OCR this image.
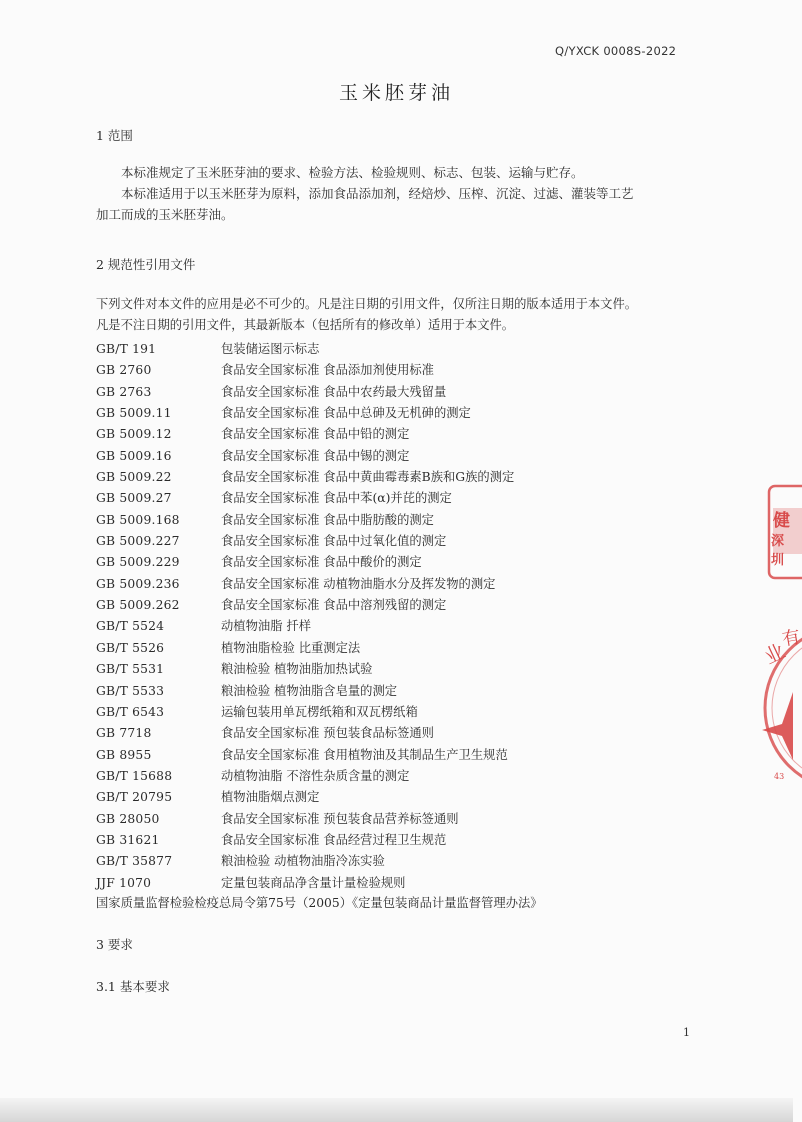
Q/YXCK 0008S-2022
玉米胚芽油
1 范围

本标准规定了玉米胚芽油的要求、检验方法、检验规则、标志、包装、运输与贮存。

本标准适用于以玉米胚芽为原料，添加食品添加剂，经焙炒、压榨、沉淀、过滤、灌装等工艺

加工而成的玉米胚芽油。

2 规范性引用文件

下列文件对本文件的应用是必不可少的。凡是注日期的引用文件，仅所注日期的版本适用于本文件。

凡是不注日期的引用文件，其最新版本（包括所有的修改单）适用于本文件。

GB/T 191	包装储运图示标志
GB 2760	食品安全国家标准 食品添加剂使用标准
GB 2763	食品安全国家标准 食品中农药最大残留量
GB 5009.11	食品安全国家标准 食品中总砷及无机砷的测定
GB 5009.12	食品安全国家标准 食品中铅的测定
GB 5009.16	食品安全国家标准 食品中锡的测定
GB 5009.22	食品安全国家标准 食品中黄曲霉毒素B族和G族的测定
GB 5009.27	食品安全国家标准 食品中苯(α)并芘的测定
GB 5009.168	食品安全国家标准 食品中脂肪酸的测定
GB 5009.227	食品安全国家标准 食品中过氧化值的测定
GB 5009.229	食品安全国家标准 食品中酸价的测定
GB 5009.236	食品安全国家标准 动植物油脂水分及挥发物的测定
GB 5009.262	食品安全国家标准 食品中溶剂残留的测定
GB/T 5524	动植物油脂 扦样
GB/T 5526	植物油脂检验 比重测定法
GB/T 5531	粮油检验 植物油脂加热试验
GB/T 5533	粮油检验 植物油脂含皂量的测定
GB/T 6543	运输包装用单瓦楞纸箱和双瓦楞纸箱
GB 7718	食品安全国家标准 预包装食品标签通则
GB 8955	食品安全国家标准 食用植物油及其制品生产卫生规范
GB/T 15688	动植物油脂 不溶性杂质含量的测定
GB/T 20795	植物油脂烟点测定
GB 28050	食品安全国家标准 预包装食品营养标签通则
GB 31621	食品安全国家标准 食品经营过程卫生规范
GB/T 35877	粮油检验 动植物油脂冷冻实验
JJF 1070	定量包装商品净含量计量检验规则
国家质量监督检验检疫总局令第75号（2005）《定量包装商品计量监督管理办法》
3 要求
3.1 基本要求
1
健
深圳
业
有
43
